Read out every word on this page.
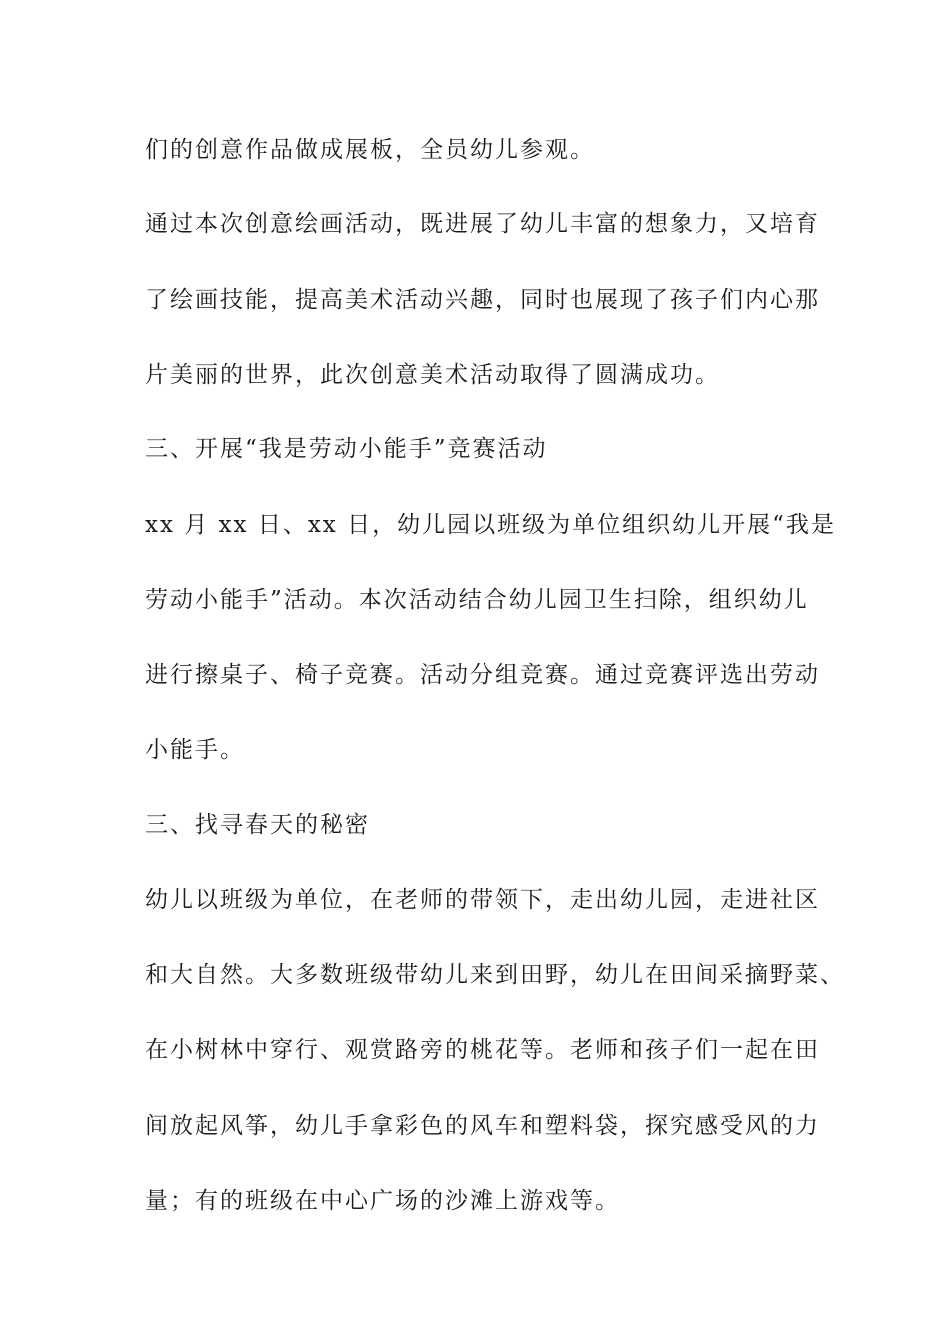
们的创意作品做成展板，全员幼儿参观。
通过本次创意绘画活动，既进展了幼儿丰富的想象力，又培育
了绘画技能，提高美术活动兴趣，同时也展现了孩子们内心那
片美丽的世界，此次创意美术活动取得了圆满成功。
三、开展“我是劳动小能手”竞赛活动
xx 月 xx 日、xx 日，幼儿园以班级为单位组织幼儿开展“我是
劳动小能手”活动。本次活动结合幼儿园卫生扫除，组织幼儿
进行擦桌子、椅子竞赛。活动分组竞赛。通过竞赛评选出劳动
小能手。
三、找寻春天的秘密
幼儿以班级为单位，在老师的带领下，走出幼儿园，走进社区
和大自然。大多数班级带幼儿来到田野，幼儿在田间采摘野菜、
在小树林中穿行、观赏路旁的桃花等。老师和孩子们一起在田
间放起风筝，幼儿手拿彩色的风车和塑料袋，探究感受风的力
量；有的班级在中心广场的沙滩上游戏等。
